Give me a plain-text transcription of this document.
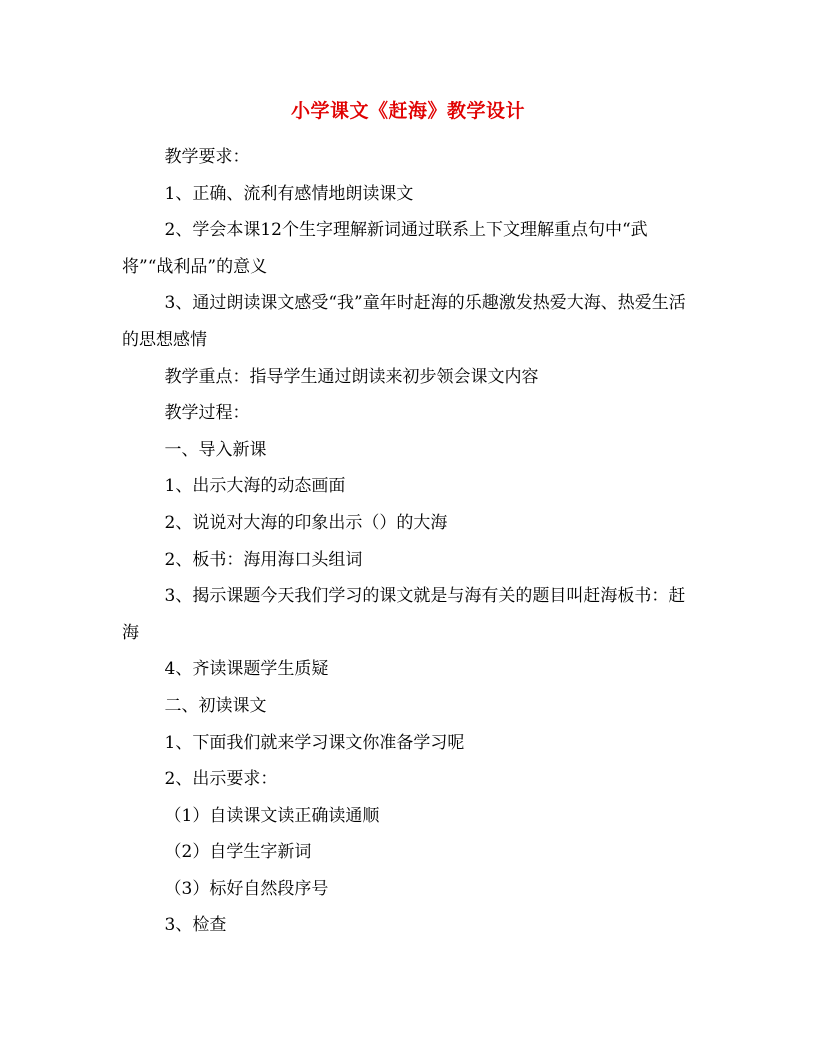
小学课文《赶海》教学设计

教学要求：

1、正确、流利有感情地朗读课文

2、学会本课12个生字理解新词通过联系上下文理解重点句中“武将”“战利品”的意义

3、通过朗读课文感受“我”童年时赶海的乐趣激发热爱大海、热爱生活的思想感情

教学重点：指导学生通过朗读来初步领会课文内容

教学过程：

一、导入新课

1、出示大海的动态画面

2、说说对大海的印象出示（）的大海

2、板书：海用海口头组词

3、揭示课题今天我们学习的课文就是与海有关的题目叫赶海板书：赶海

4、齐读课题学生质疑

二、初读课文

1、下面我们就来学习课文你准备学习呢

2、出示要求：

（1）自读课文读正确读通顺

（2）自学生字新词

（3）标好自然段序号

3、检查
